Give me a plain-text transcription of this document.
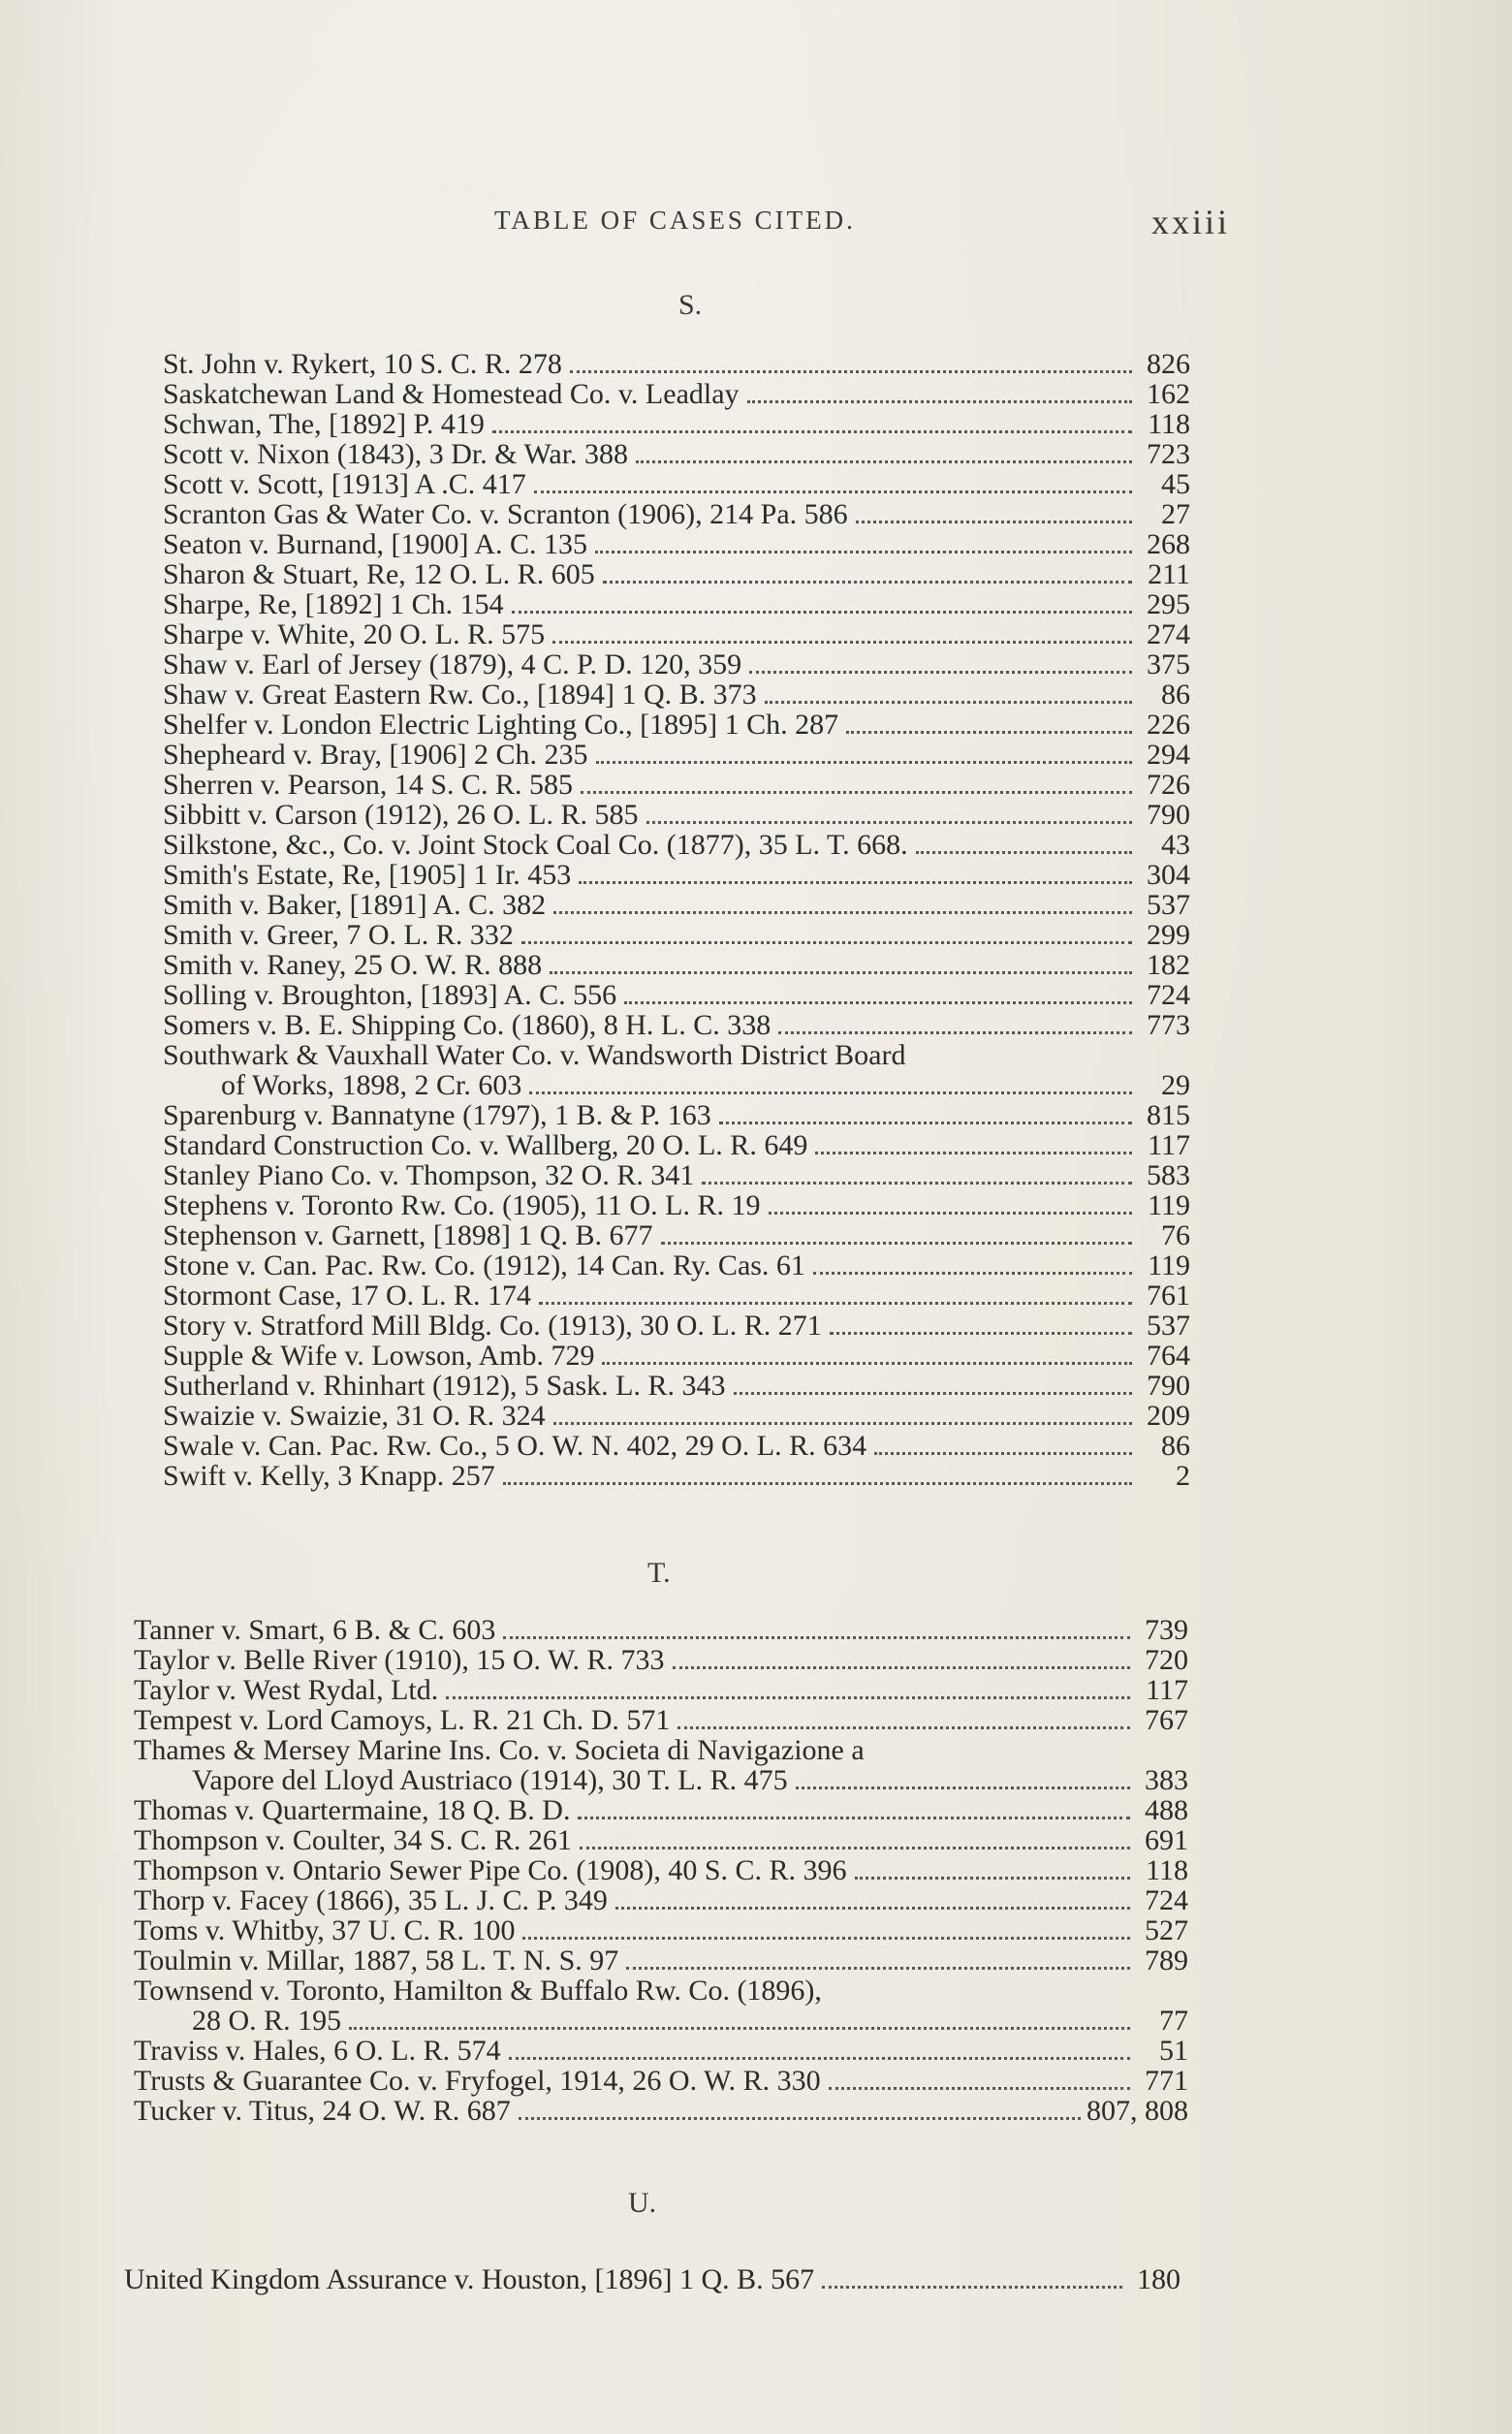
TABLE OF CASES CITED.	xxiii
S.
St. John v. Rykert, 10 S. C. R. 278	826
Saskatchewan Land & Homestead Co. v. Leadlay	162
Schwan, The, [1892] P. 419	118
Scott v. Nixon (1843), 3 Dr. & War. 388	723
Scott v. Scott, [1913] A .C. 417	45
Scranton Gas & Water Co. v. Scranton (1906), 214 Pa. 586	27
Seaton v. Burnand, [1900] A. C. 135	268
Sharon & Stuart, Re, 12 O. L. R. 605	211
Sharpe, Re, [1892] 1 Ch. 154	295
Sharpe v. White, 20 O. L. R. 575	274
Shaw v. Earl of Jersey (1879), 4 C. P. D. 120, 359	375
Shaw v. Great Eastern Rw. Co., [1894] 1 Q. B. 373	86
Shelfer v. London Electric Lighting Co., [1895] 1 Ch. 287	226
Shepheard v. Bray, [1906] 2 Ch. 235	294
Sherren v. Pearson, 14 S. C. R. 585	726
Sibbitt v. Carson (1912), 26 O. L. R. 585	790
Silkstone, &c., Co. v. Joint Stock Coal Co. (1877), 35 L. T. 668.	43
Smith's Estate, Re, [1905] 1 Ir. 453	304
Smith v. Baker, [1891] A. C. 382	537
Smith v. Greer, 7 O. L. R. 332	299
Smith v. Raney, 25 O. W. R. 888	182
Solling v. Broughton, [1893] A. C. 556	724
Somers v. B. E. Shipping Co. (1860), 8 H. L. C. 338	773
Southwark & Vauxhall Water Co. v. Wandsworth District Board
of Works, 1898, 2 Cr. 603	29
Sparenburg v. Bannatyne (1797), 1 B. & P. 163	815
Standard Construction Co. v. Wallberg, 20 O. L. R. 649	117
Stanley Piano Co. v. Thompson, 32 O. R. 341	583
Stephens v. Toronto Rw. Co. (1905), 11 O. L. R. 19	119
Stephenson v. Garnett, [1898] 1 Q. B. 677	76
Stone v. Can. Pac. Rw. Co. (1912), 14 Can. Ry. Cas. 61	119
Stormont Case, 17 O. L. R. 174	761
Story v. Stratford Mill Bldg. Co. (1913), 30 O. L. R. 271	537
Supple & Wife v. Lowson, Amb. 729	764
Sutherland v. Rhinhart (1912), 5 Sask. L. R. 343	790
Swaizie v. Swaizie, 31 O. R. 324	209
Swale v. Can. Pac. Rw. Co., 5 O. W. N. 402, 29 O. L. R. 634	86
Swift v. Kelly, 3 Knapp. 257	2
T.
Tanner v. Smart, 6 B. & C. 603	739
Taylor v. Belle River (1910), 15 O. W. R. 733	720
Taylor v. West Rydal, Ltd.	117
Tempest v. Lord Camoys, L. R. 21 Ch. D. 571	767
Thames & Mersey Marine Ins. Co. v. Societa di Navigazione a
Vapore del Lloyd Austriaco (1914), 30 T. L. R. 475	383
Thomas v. Quartermaine, 18 Q. B. D.	488
Thompson v. Coulter, 34 S. C. R. 261	691
Thompson v. Ontario Sewer Pipe Co. (1908), 40 S. C. R. 396	118
Thorp v. Facey (1866), 35 L. J. C. P. 349	724
Toms v. Whitby, 37 U. C. R. 100	527
Toulmin v. Millar, 1887, 58 L. T. N. S. 97	789
Townsend v. Toronto, Hamilton & Buffalo Rw. Co. (1896),
28 O. R. 195	77
Traviss v. Hales, 6 O. L. R. 574	51
Trusts & Guarantee Co. v. Fryfogel, 1914, 26 O. W. R. 330	771
Tucker v. Titus, 24 O. W. R. 687	807, 808
U.
United Kingdom Assurance v. Houston, [1896] 1 Q. B. 567	180
